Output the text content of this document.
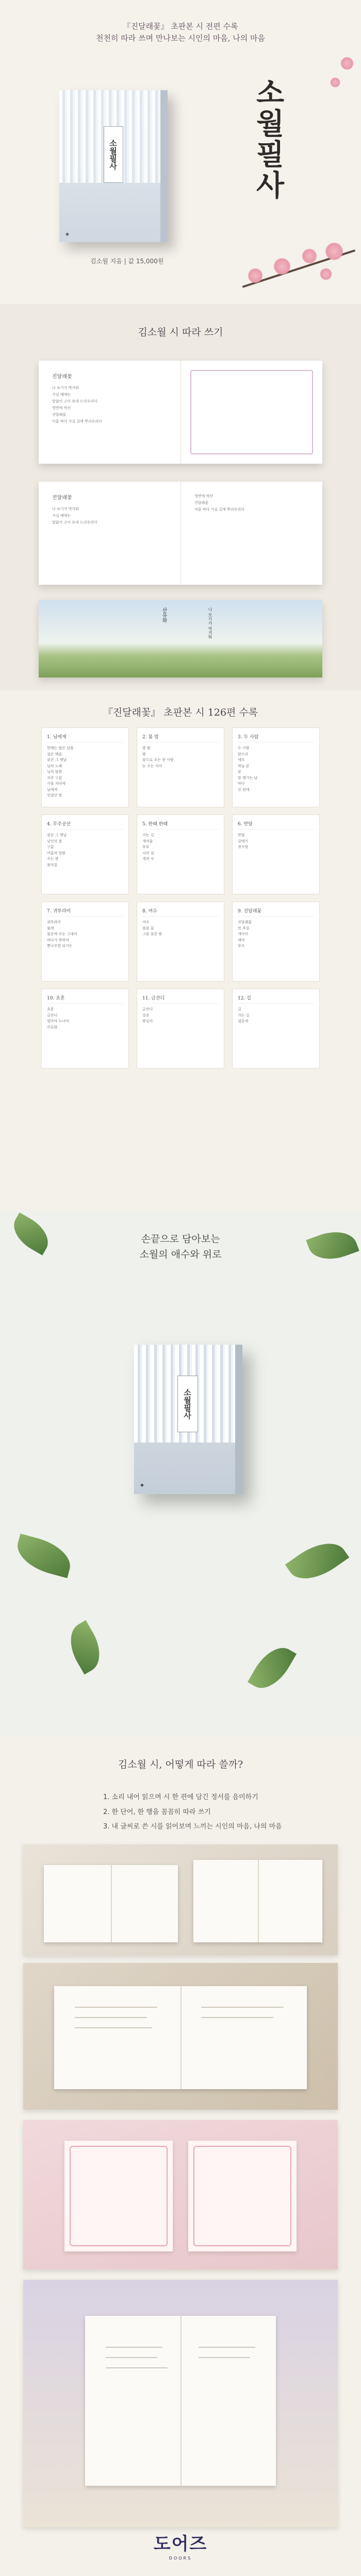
『진달래꽃』 초판본 시 전편 수록
천천히 따라 쓰며 만나보는 시인의 마음, 나의 마음
소월필사
◆
소월필사
김소월 지음 | 값 15,000원
김소월 시 따라 쓰기
진달래꽃
나 보기가 역겨워
가실 때에는
말없이 고이 보내 드리우리다
영변에 약산
진달래꽃
아름 따다 가실 길에 뿌리우리다
진달래꽃
나 보기가 역겨워
가실 때에는
말없이 고이 보내 드리우리다
영변에 약산
진달래꽃
아름 따다 가실 길에 뿌리우리다
산유화	나 보기가 역겨워
『진달래꽃』 초판본 시 126편 수록
1. 님에게
한때는 많은 날을
설은 해음
꿈꾼 그 옛날
님의 노래
님의 말씀
자주 구름
가을 저녁에
님에게
잊었던 맘
2. 봄 밤
봄 밤
밤
꿈으로 오는 한 사람
눈 오는 저녁
3. 두 사람
두 사람
닭소리
애모
하늘 끝
꿈
맘 켕기는 날
바다
산 위에
4. 무주공산
꿈꾼 그 옛날
낭인의 봄
구름
여름의 달밤
오는 봄
물마름
5. 한때 한때
가는 길
개여울
부부
나의 집
생과 사
6. 반달
반달
갈매기
첫사랑
7. 귀뚜라미
귀뚜라미
월색
불운에 우는 그대여
바다가 변하여
뽕나무밭 되거든
8. 여수
여수
몹쓸 꿈
그를 꿈꾼 밤
9. 진달래꽃
진달래꽃
먼 후일
개아미
제비
부모
10. 초혼
초혼
금잔디
엄마야 누나야
산유화
11. 금잔디
금잔디
강촌
왕십리
12. 길
길
가는 길
접동새
손끝으로 담아보는
소월의 애수와 위로
소월필사
◆
김소월 시, 어떻게 따라 쓸까?
1. 소리 내어 읽으며 시 한 편에 담긴 정서를 음미하기
2. 한 단어, 한 행을 꼼꼼히 따라 쓰기
3. 내 글씨로 쓴 시를 읽어보며 느끼는 시인의 마음, 나의 마음
도어즈
DOORS
